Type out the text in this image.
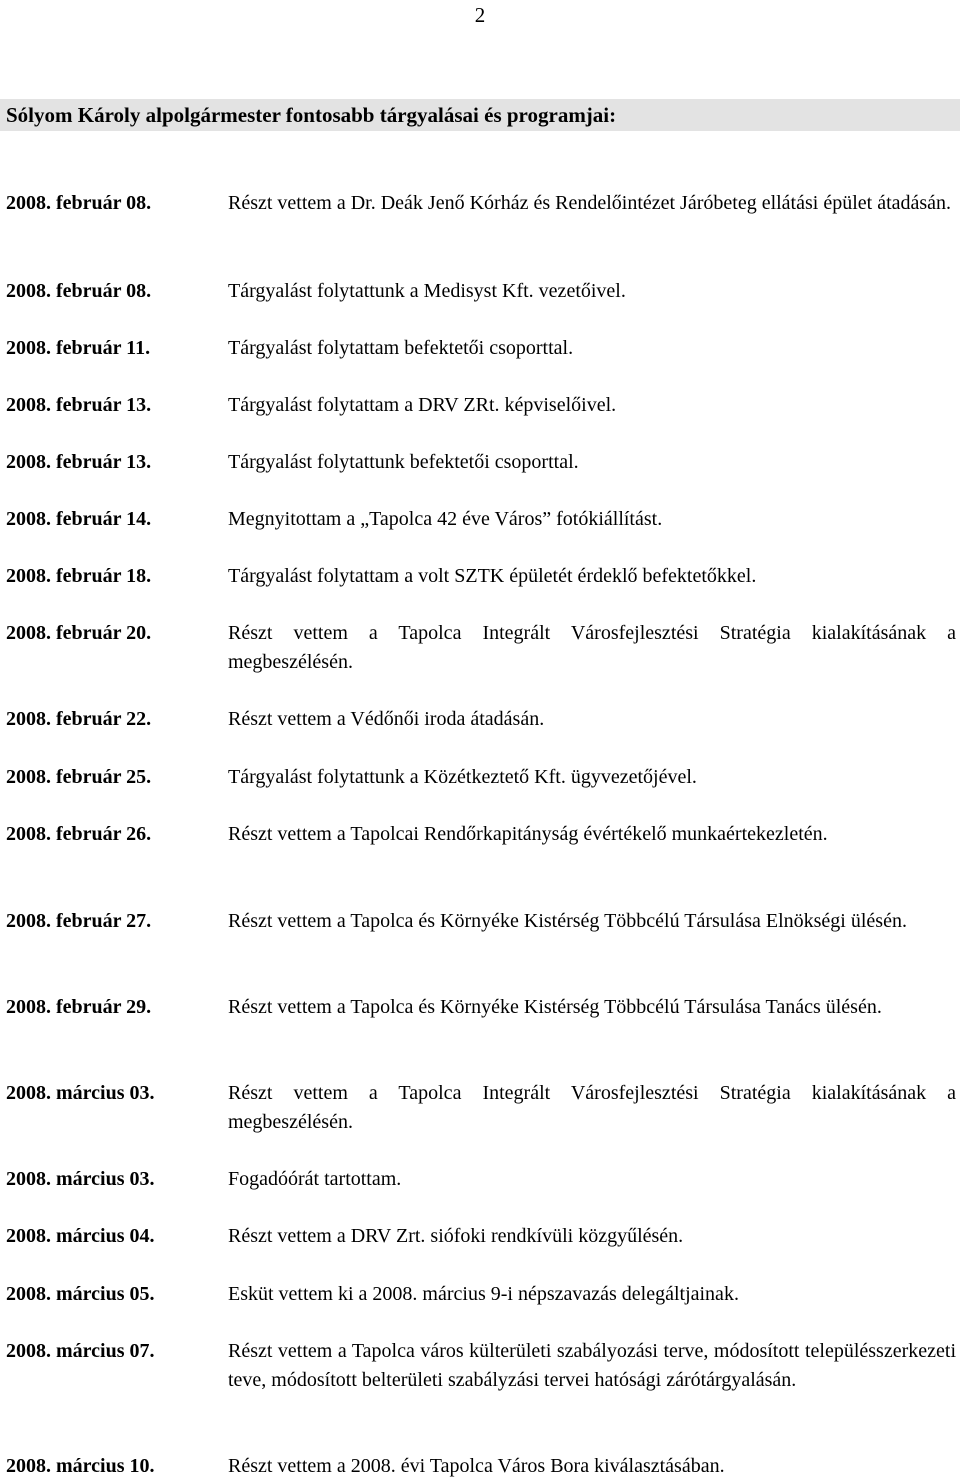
2
Sólyom Károly alpolgármester fontosabb tárgyalásai és programjai:
2008. február 08.	Részt vettem a Dr. Deák Jenő Kórház és Rendelőintézet Járóbeteg ellátási épület átadásán.
2008. február 08.	Tárgyalást folytattunk a Medisyst Kft. vezetőivel.
2008. február 11.	Tárgyalást folytattam befektetői csoporttal.
2008. február 13.	Tárgyalást folytattam a DRV ZRt. képviselőivel.
2008. február 13.	Tárgyalást folytattunk befektetői csoporttal.
2008. február 14.	Megnyitottam a „Tapolca 42 éve Város” fotókiállítást.
2008. február 18.	Tárgyalást folytattam a volt SZTK épületét érdeklő befektetőkkel.
2008. február 20.	Részt vettem a Tapolca Integrált Városfejlesztési Stratégia kialakításának a megbeszélésén.
2008. február 22.	Részt vettem a Védőnői iroda átadásán.
2008. február 25.	Tárgyalást folytattunk a Közétkeztető Kft. ügyvezetőjével.
2008. február 26.	Részt vettem a Tapolcai Rendőrkapitányság évértékelő munkaértekezletén.
2008. február 27.	Részt vettem a Tapolca és Környéke Kistérség Többcélú Társulása Elnökségi ülésén.
2008. február 29.	Részt vettem a Tapolca és Környéke Kistérség Többcélú Társulása Tanács ülésén.
2008. március 03.	Részt vettem a Tapolca Integrált Városfejlesztési Stratégia kialakításának a megbeszélésén.
2008. március 03.	Fogadóórát tartottam.
2008. március 04.	Részt vettem a DRV Zrt. siófoki rendkívüli közgyűlésén.
2008. március 05.	Esküt vettem ki a 2008. március 9-i népszavazás delegáltjainak.
2008. március 07.	Részt vettem a Tapolca város külterületi szabályozási terve, módosított településszerkezeti teve, módosított belterületi szabályzási tervei hatósági zárótárgyalásán.
2008. március 10.	Részt vettem a 2008. évi Tapolca Város Bora kiválasztásában.
